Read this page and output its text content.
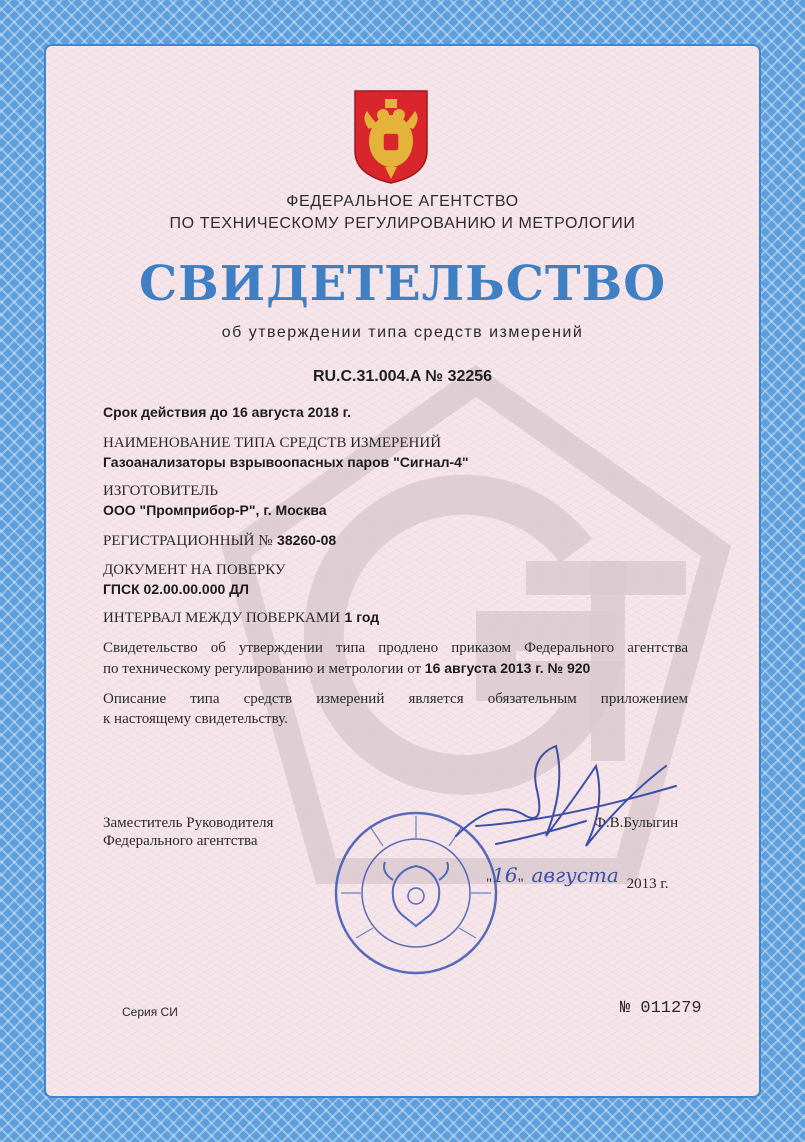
ФЕДЕРАЛЬНОЕ АГЕНТСТВО
ПО ТЕХНИЧЕСКОМУ РЕГУЛИРОВАНИЮ И МЕТРОЛОГИИ
СВИДЕТЕЛЬСТВО
об утверждении типа средств измерений
RU.C.31.004.A № 32256
Срок действия до 16 августа 2018 г.
НАИМЕНОВАНИЕ ТИПА СРЕДСТВ ИЗМЕРЕНИЙ
Газоанализаторы взрывоопасных паров "Сигнал-4"
ИЗГОТОВИТЕЛЬ
ООО "Промприбор-Р", г. Москва
РЕГИСТРАЦИОННЫЙ № 38260-08
ДОКУМЕНТ НА ПОВЕРКУ
ГПСК 02.00.00.000 ДЛ
ИНТЕРВАЛ МЕЖДУ ПОВЕРКАМИ 1 год
Свидетельство об утверждении типа продлено приказом Федерального агентства
по техническому регулированию и метрологии от 16 августа 2013 г. № 920
Описание типа средств измерений является обязательным приложением
к настоящему свидетельству.
Заместитель Руководителя
Федерального агентства
Ф.В.Булыгин
"16" августа 2013 г.
Серия СИ	№ 011279
